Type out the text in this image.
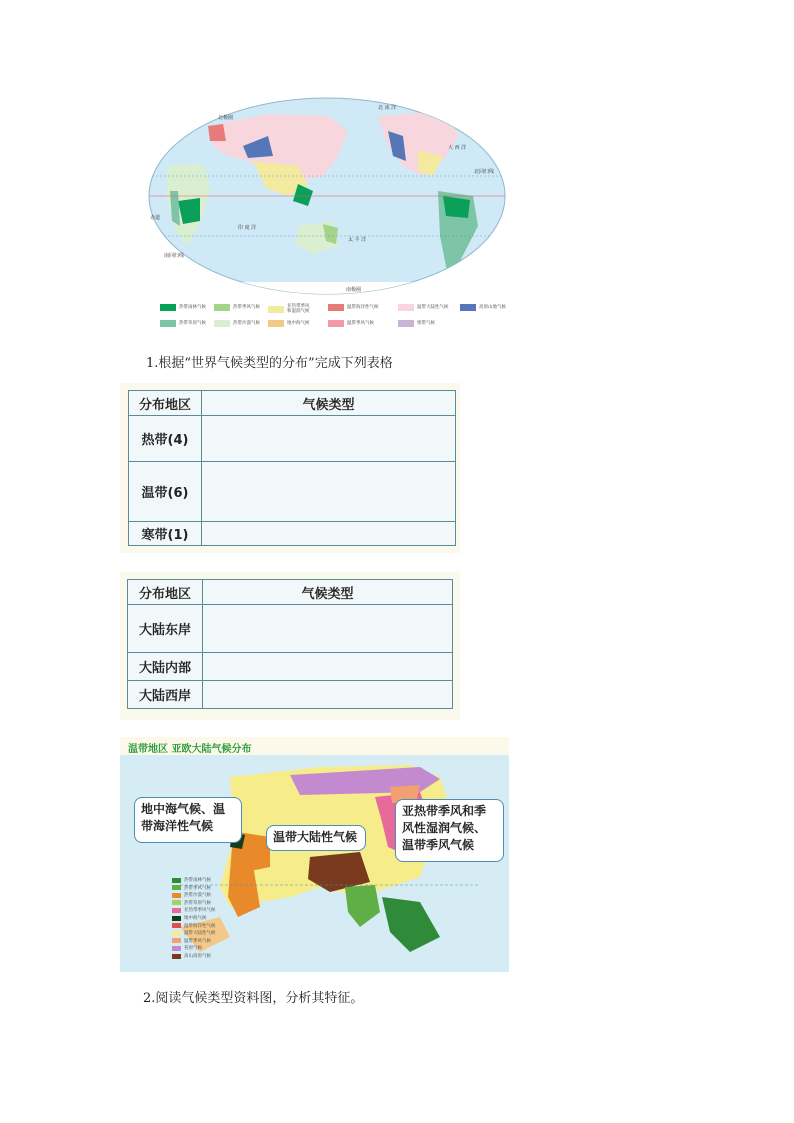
北极圈
赤道
南回归线
北回归线
南极圈
北 冰 洋
太 平 洋
印 度 洋
大 西 洋
热带雨林气候	热带季风气候	亚热带季风
和湿润气候
温带海洋性气候	温带大陆性气候	高原山地气候
热带草原气候	热带沙漠气候	地中海气候	温带季风气候	寒带气候
1.根据“世界气候类型的分布”完成下列表格
分布地区	气候类型
热带(4)	
温带(6)	
寒带(1)	
分布地区	气候类型
大陆东岸	
大陆内部	
大陆西岸	
温带地区 亚欧大陆气候分布
地中海气候、温带海洋性气候
温带大陆性气候
亚热带季风和季风性湿润气候、温带季风气候
热带雨林气候
热带季风气候
热带沙漠气候
热带草原气候
亚热带季风气候
地中海气候
温带海洋性气候
温带大陆性气候
温带季风气候
苔原气候
高山高原气候
2.阅读气候类型资料图，分析其特征。
